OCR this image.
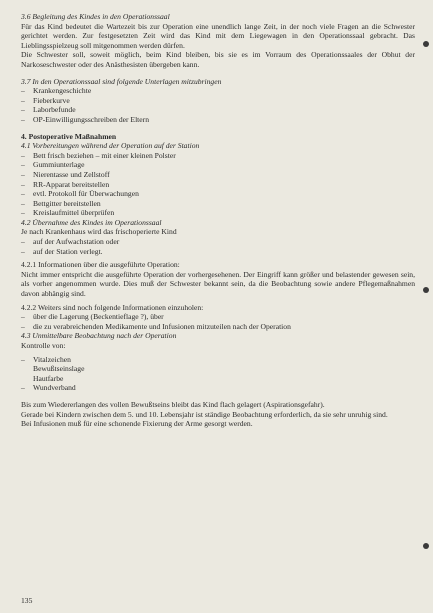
3.6 Begleitung des Kindes in den Operationssaal

Für das Kind bedeutet die Wartezeit bis zur Operation eine unendlich lange Zeit, in der noch viele Fragen an die Schwester gerichtet werden. Zur festgesetzten Zeit wird das Kind mit dem Liegewagen in den Operationssaal gebracht. Das Lieblingsspielzeug soll mitgenommen werden dürfen.

Die Schwester soll, soweit möglich, beim Kind bleiben, bis sie es im Vorraum des Operationssaales der Obhut der Narkoseschwester oder des Anästhesisten übergeben kann.

3.7 In den Operationssaal sind folgende Unterlagen mitzubringen

– Krankengeschichte
– Fieberkurve
– Laborbefunde
– OP-Einwilligungsschreiben der Eltern

4. Postoperative Maßnahmen

4.1 Vorbereitungen während der Operation auf der Station

– Bett frisch beziehen – mit einer kleinen Polster
– Gummiunterlage
– Nierentasse und Zellstoff
– RR-Apparat bereitstellen
– evtl. Protokoll für Überwachungen
– Bettgitter bereitstellen
– Kreislaufmittel überprüfen

4.2 Übernahme des Kindes im Operationssaal

Je nach Krankenhaus wird das frischoperierte Kind

– auf der Aufwachstation oder
– auf der Station verlegt.

4.2.1 Informationen über die ausgeführte Operation:

Nicht immer entspricht die ausgeführte Operation der vorhergesehenen. Der Eingriff kann größer und belastender gewesen sein, als vorher angenommen wurde. Dies muß der Schwester bekannt sein, da die Beobachtung sowie andere Pflegemaßnahmen davon abhängig sind.

4.2.2 Weiters sind noch folgende Informationen einzuholen:

– über die Lagerung (Beckentieflage ?), über
– die zu verabreichenden Medikamente und Infusionen mitzuteilen nach der Operation

4.3 Unmittelbare Beobachtung nach der Operation

Kontrolle von:

– Vitalzeichen
Bewußtseinslage
Hautfarbe
– Wundverband

Bis zum Wiedererlangen des vollen Bewußtseins bleibt das Kind flach gelagert (Aspirationsgefahr).

Gerade bei Kindern zwischen dem 5. und 10. Lebensjahr ist ständige Beobachtung erforderlich, da sie sehr unruhig sind.

Bei Infusionen muß für eine schonende Fixierung der Arme gesorgt werden.

135
